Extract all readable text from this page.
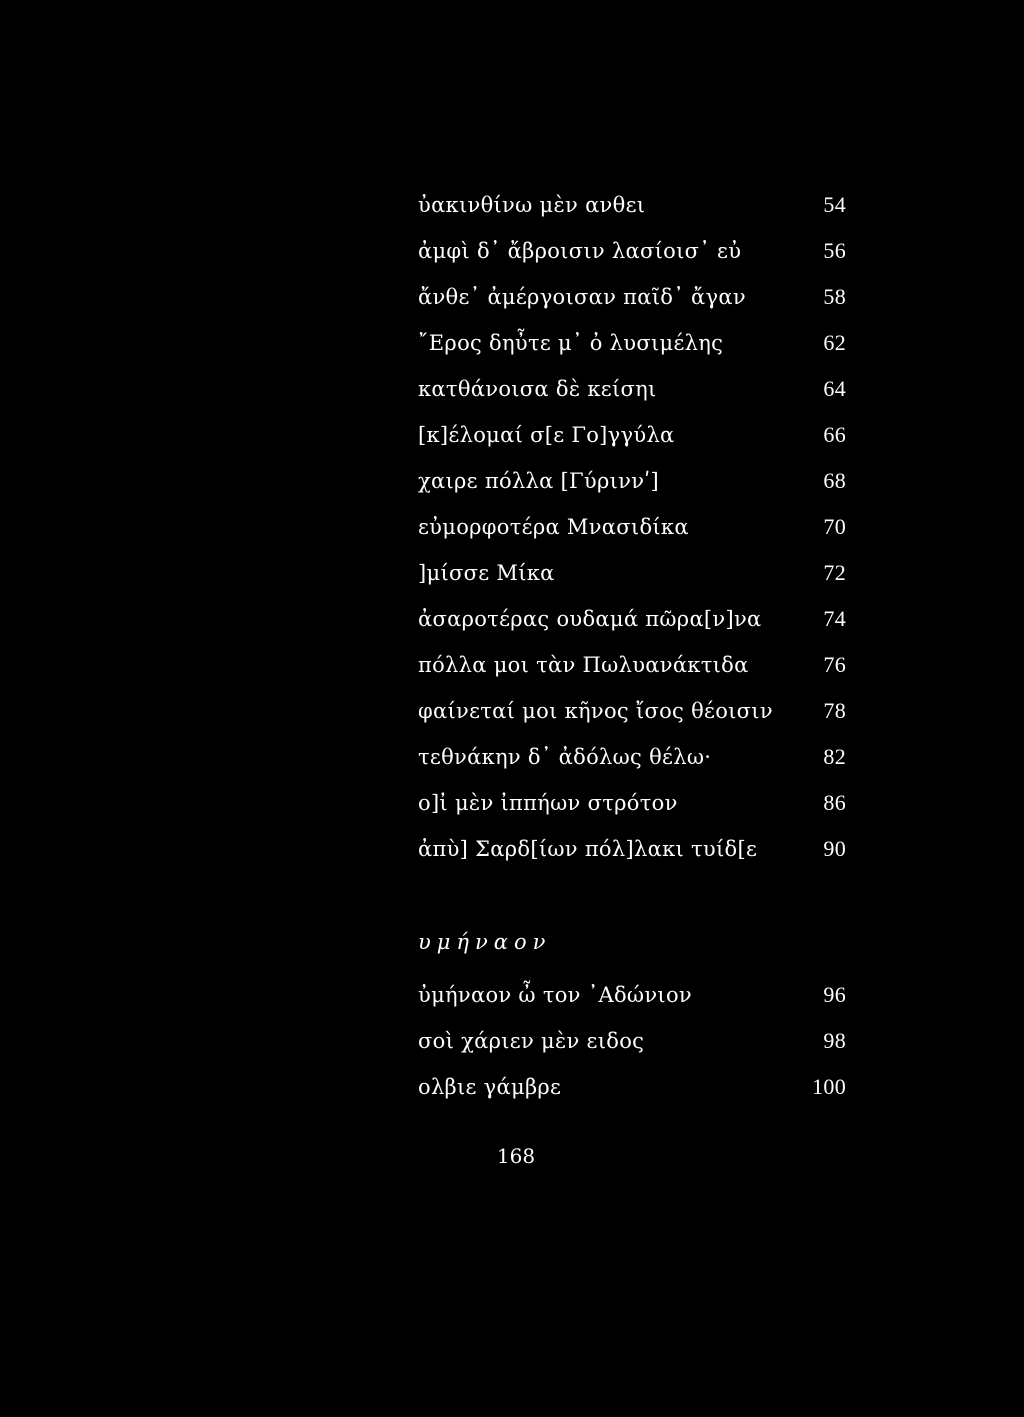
ὐακινθίνω μὲν ανθει	54
ἀμφὶ δ᾽ ἄβροισιν λασίοισ᾽ εὐ	56
ἄνθε᾽ ἀμέργοισαν παῖδ᾽ ἄγαν	58
῎Ερος δηὖτε μ᾽ ὀ λυσιμέλης	62
κατθάνοισα δὲ κείσηι	64
[κ]έλομαί σ[ε Γο]γγύλα	66
χαιρε πόλλα [Γύριννʹ]	68
εὐμορφοτέρα Μνασιδίκα	70
]μίσσε Μίκα	72
ἀσαροτέρας ουδαμά πῶρα[ν]να	74
πόλλα μοι τὰν Πωλυανάκτιδα	76
φαίνεταί μοι κῆνος ἴσος θέοισιν 78
τεθνάκην δ᾽ ἀδόλως θέλω·	82
ο]ἰ μὲν ἰππήων στρότον	86
ἀπὺ] Σαρδ[ίων πόλ]λακι τυίδ[ε	90
υμήναον
ὐμήναον ὦ τον ᾽Αδώνιον	96
σοὶ χάριεν μὲν ειδος	98
ολβιε γάμβρε	100
168
